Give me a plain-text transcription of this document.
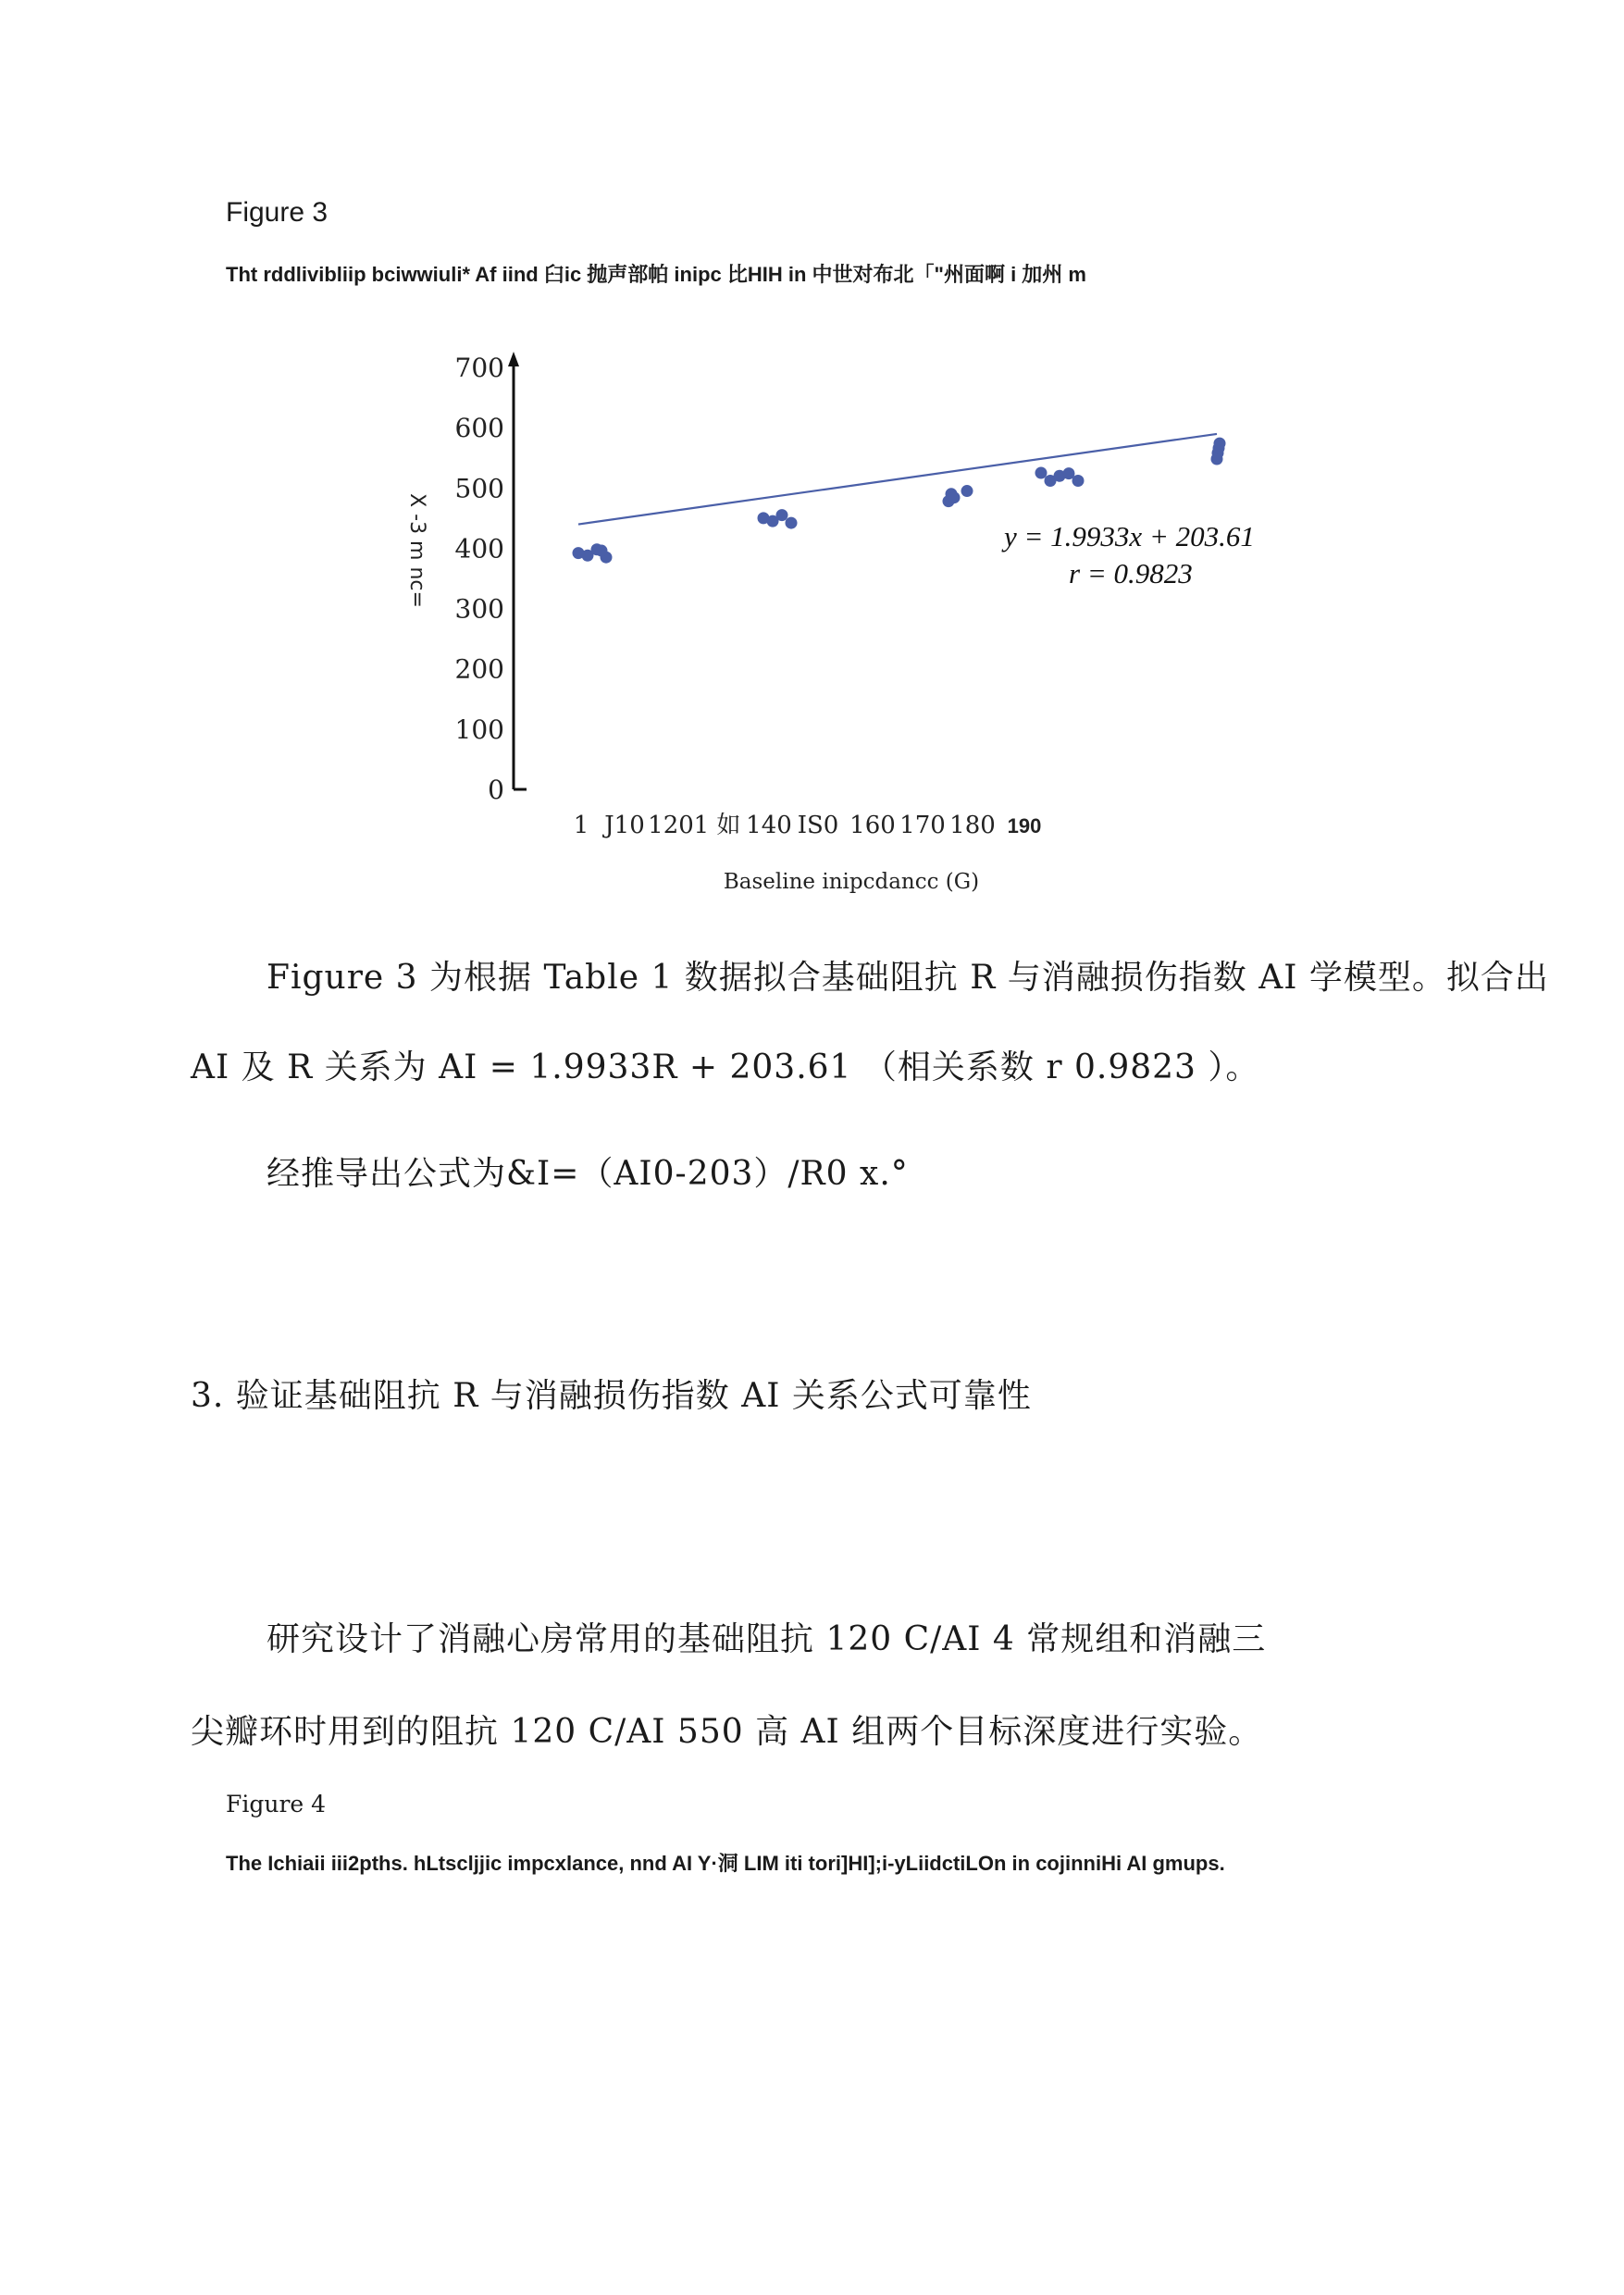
Figure 3
Tht rddlivibliip bciwwiuli* Af iind 臼ic 抛声部帕 inipc 比HIH in 中世对布北「"州面啊 i 加州 m
0
100
200
300
400
500
600
700
X -3 m nc=
1 J10 120 1 如 140 IS0 160 170 180 190
Baseline inipcdancc (G)
y = 1.9933x + 203.61
r = 0.9823
Figure 3 为根据 Table 1 数据拟合基础阻抗 R 与消融损伤指数 AI 学模型。拟合出
AI 及 R 关系为 AI = 1.9933R + 203.61 （相关系数 r 0.9823 ）。
经推导出公式为&I=（AI0-203）/R0 x.°
3. 验证基础阻抗 R 与消融损伤指数 AI 关系公式可靠性
研究设计了消融心房常用的基础阻抗 120 C/AI 4 常规组和消融三
尖瓣环时用到的阻抗 120 C/AI 550 高 AI 组两个目标深度进行实验。
Figure 4
The Ichiaii iii2pths. hLtscljjic impcxlance, nnd AI Y·洞 LIM iti tori]HI];i-yLiidctiLOn in cojinniHi AI gmups.
